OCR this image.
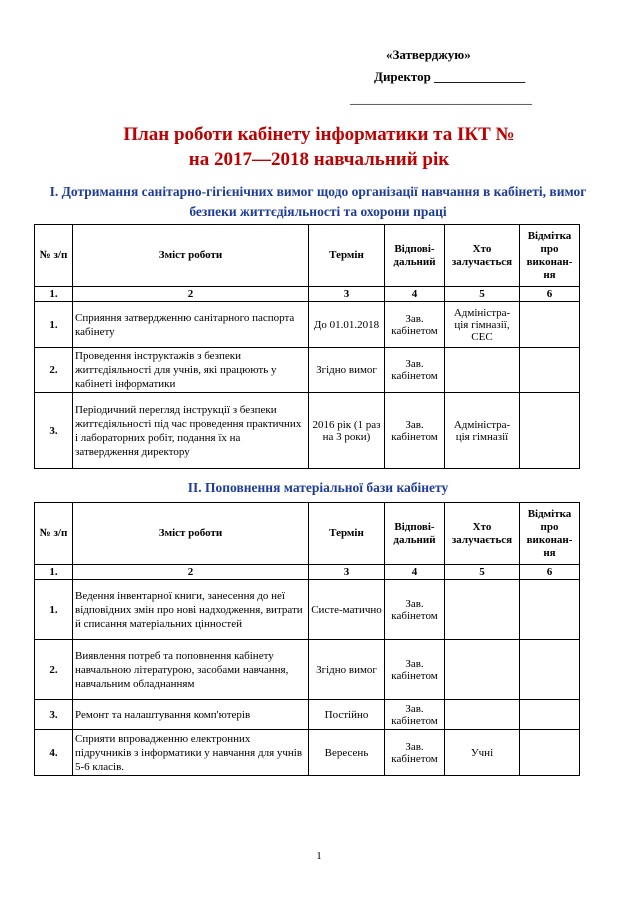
«Затверджую»
Директор ______________
____________________________
План роботи кабінету інформатики та ІКТ №
на 2017—2018 навчальний рік
І. Дотримання санітарно-гігієнічних вимог щодо організації навчання в кабінеті, вимог безпеки життєдіяльності та охорони праці
№ з/п	Зміст роботи	Термін	Відпові-дальний	Хто залучається	Відмітка про виконан-ня
1.	2	3	4	5	6
1.	Сприяння затвердженню санітарного паспорта кабінету	До 01.01.2018	Зав. кабінетом	Адміністра-ція гімназії, СЕС	
2.	Проведення інструктажів з безпеки життєдіяльності для учнів, які працюють у кабінеті інформатики	Згідно вимог	Зав. кабінетом		
3.	Періодичний перегляд інструкції з безпеки життєдіяльності під час проведення практичних і лабораторних робіт, подання їх на затвердження директору	2016 рік (1 раз на 3 роки)	Зав. кабінетом	Адміністра-ція гімназії	
ІІ. Поповнення матеріальної бази кабінету
№ з/п	Зміст роботи	Термін	Відпові-дальний	Хто залучається	Відмітка про виконан-ня
1.	2	3	4	5	6
1.	Ведення інвентарної книги, занесення до неї відповідних змін про нові надходження, витрати й списання матеріальних цінностей	Систе-матично	Зав. кабінетом		
2.	Виявлення потреб та поповнення кабінету навчальною літературою, засобами навчання, навчальним обладнанням	Згідно вимог	Зав. кабінетом		
3.	Ремонт та налаштування комп'ютерів	Постійно	Зав. кабінетом		
4.	Сприяти впровадженню електронних підручників з інформатики у навчання для учнів 5-6 класів.	Вересень	Зав. кабінетом	Учні	
1
